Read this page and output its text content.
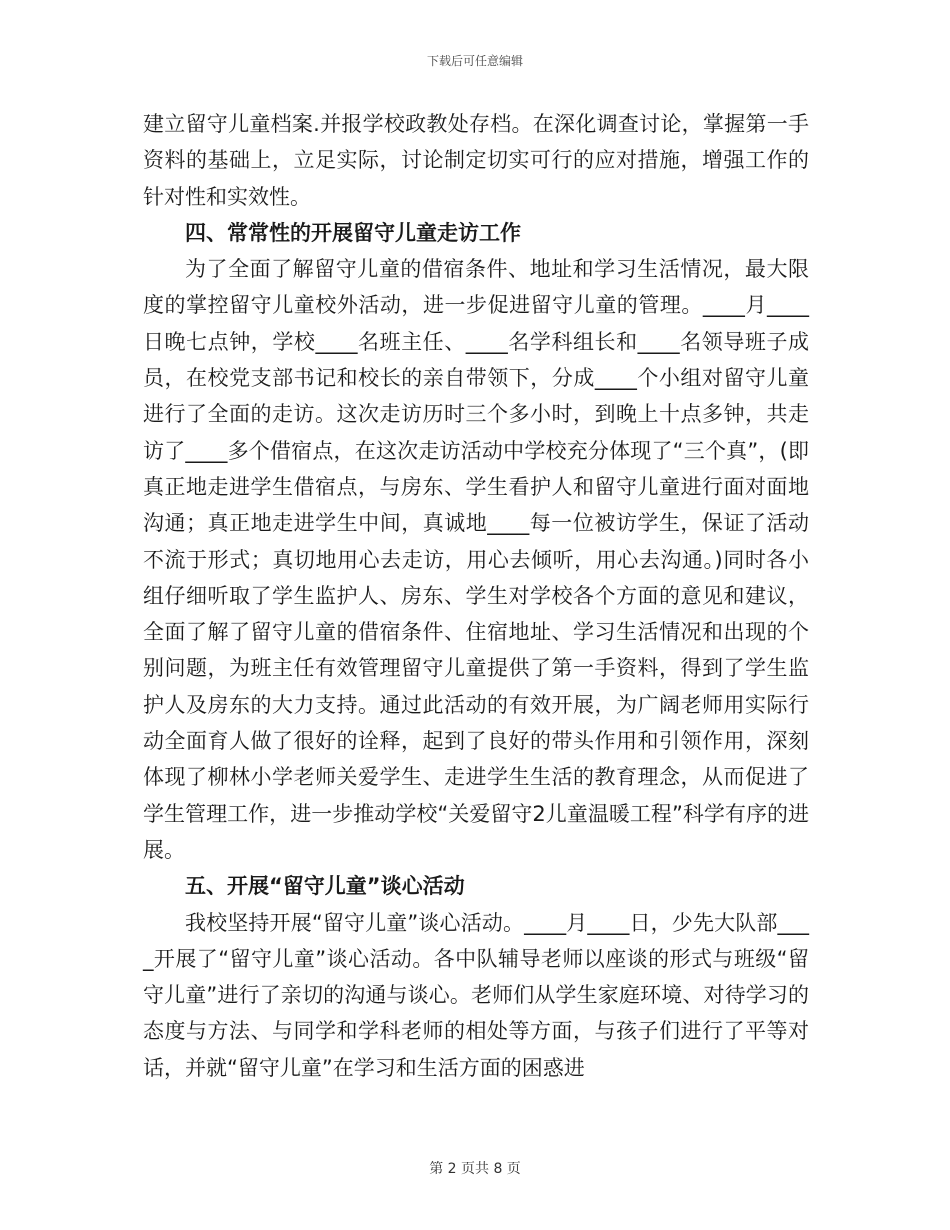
下载后可任意编辑

建立留守儿童档案.并报学校政教处存档。在深化调查讨论，掌握第一手资料的基础上，立足实际，讨论制定切实可行的应对措施，增强工作的针对性和实效性。

四、常常性的开展留守儿童走访工作

为了全面了解留守儿童的借宿条件、地址和学习生活情况，最大限度的掌控留守儿童校外活动，进一步促进留守儿童的管理。____月____日晚七点钟，学校____名班主任、____名学科组长和____名领导班子成员，在校党支部书记和校长的亲自带领下，分成____个小组对留守儿童进行了全面的走访。这次走访历时三个多小时，到晚上十点多钟，共走访了____多个借宿点，在这次走访活动中学校充分体现了“三个真”，(即真正地走进学生借宿点，与房东、学生看护人和留守儿童进行面对面地沟通；真正地走进学生中间，真诚地____每一位被访学生，保证了活动不流于形式；真切地用心去走访，用心去倾听，用心去沟通。)同时各小组仔细听取了学生监护人、房东、学生对学校各个方面的意见和建议，全面了解了留守儿童的借宿条件、住宿地址、学习生活情况和出现的个别问题，为班主任有效管理留守儿童提供了第一手资料，得到了学生监护人及房东的大力支持。通过此活动的有效开展，为广阔老师用实际行动全面育人做了很好的诠释，起到了良好的带头作用和引领作用，深刻体现了柳林小学老师关爱学生、走进学生生活的教育理念，从而促进了学生管理工作，进一步推动学校“关爱留守2儿童温暖工程”科学有序的进展。

五、开展“留守儿童”谈心活动

我校坚持开展“留守儿童”谈心活动。____月____日，少先大队部____开展了“留守儿童”谈心活动。各中队辅导老师以座谈的形式与班级“留守儿童”进行了亲切的沟通与谈心。老师们从学生家庭环境、对待学习的态度与方法、与同学和学科老师的相处等方面，与孩子们进行了平等对话，并就“留守儿童”在学习和生活方面的困惑进

第 2 页共 8 页
